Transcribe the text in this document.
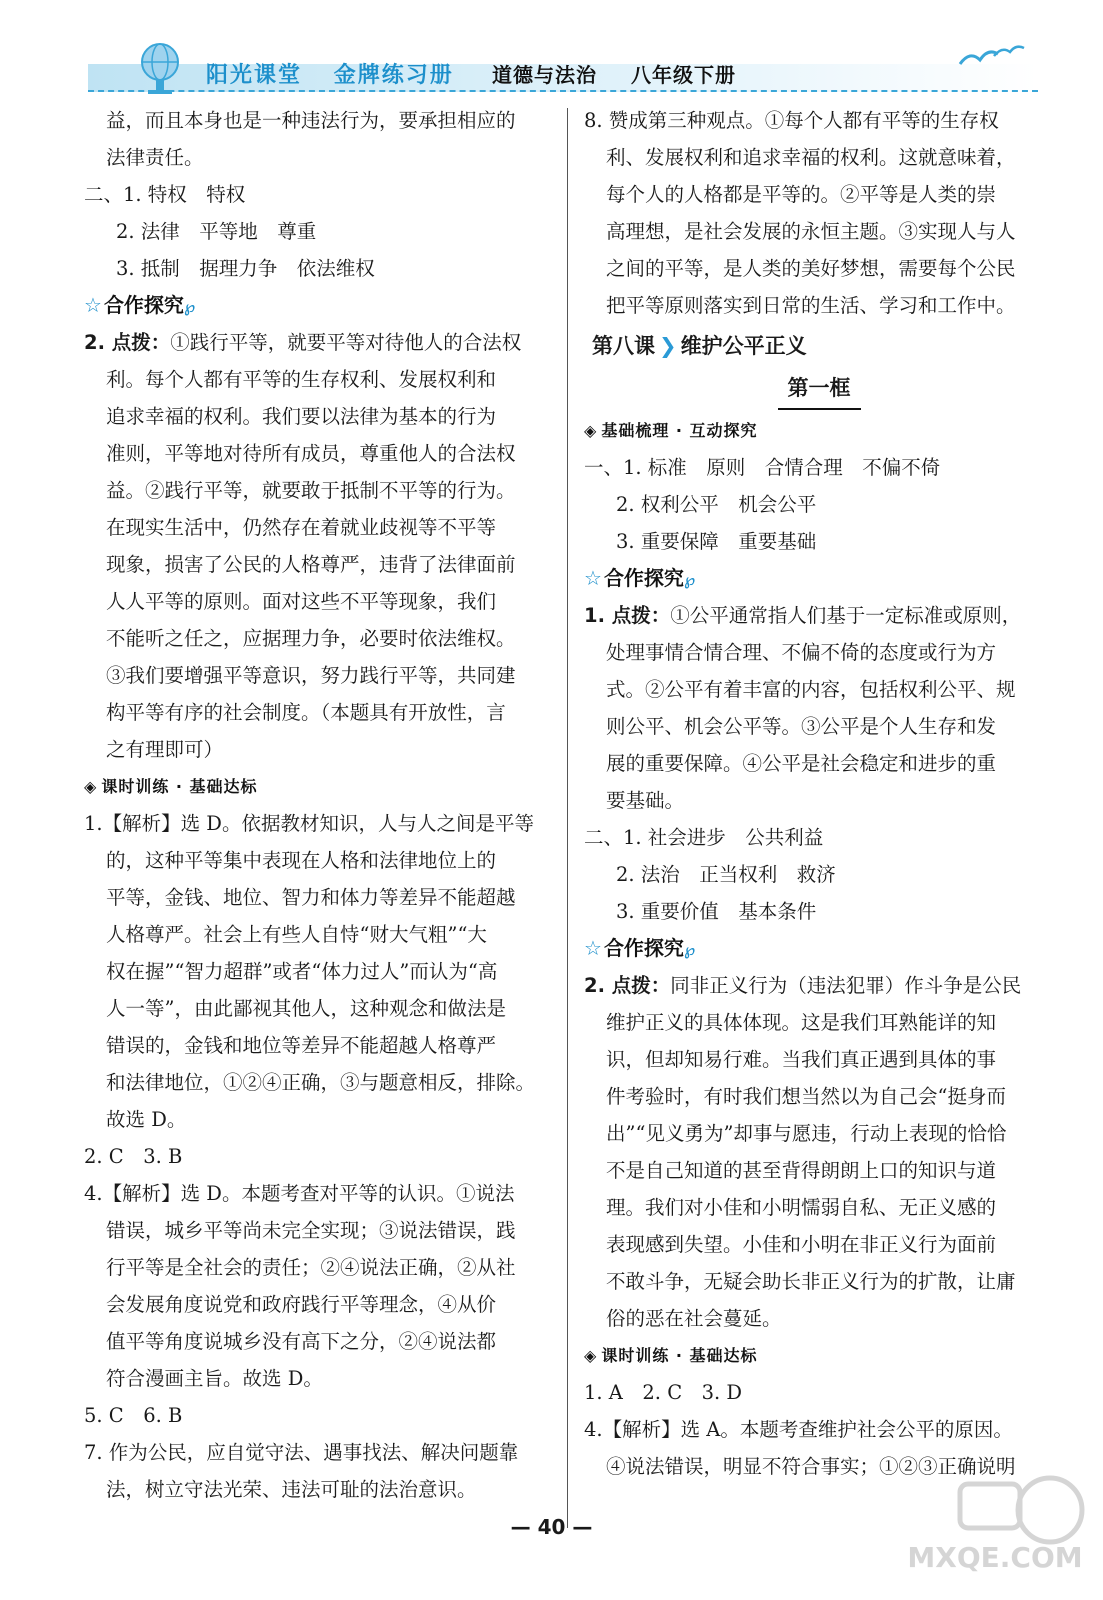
阳光课堂 金牌练习册	道德与法治 八年级下册
益，而且本身也是一种违法行为，要承担相应的
法律责任。
二、1. 特权　特权
2. 法律　平等地　尊重
3. 抵制　据理力争　依法维权
☆ 合作探究℘
2. 点拨：①践行平等，就要平等对待他人的合法权
利。每个人都有平等的生存权利、发展权利和
追求幸福的权利。我们要以法律为基本的行为
准则，平等地对待所有成员，尊重他人的合法权
益。②践行平等，就要敢于抵制不平等的行为。
在现实生活中，仍然存在着就业歧视等不平等
现象，损害了公民的人格尊严，违背了法律面前
人人平等的原则。面对这些不平等现象，我们
不能听之任之，应据理力争，必要时依法维权。
③我们要增强平等意识，努力践行平等，共同建
构平等有序的社会制度。（本题具有开放性，言
之有理即可）
◈ 课时训练 · 基础达标
1.【解析】选 D。依据教材知识，人与人之间是平等
的，这种平等集中表现在人格和法律地位上的
平等，金钱、地位、智力和体力等差异不能超越
人格尊严。社会上有些人自恃“财大气粗”“大
权在握”“智力超群”或者“体力过人”而认为“高
人一等”，由此鄙视其他人，这种观念和做法是
错误的，金钱和地位等差异不能超越人格尊严
和法律地位，①②④正确，③与题意相反，排除。
故选 D。
2. C　3. B
4.【解析】选 D。本题考查对平等的认识。①说法
错误，城乡平等尚未完全实现；③说法错误，践
行平等是全社会的责任；②④说法正确，②从社
会发展角度说党和政府践行平等理念，④从价
值平等角度说城乡没有高下之分，②④说法都
符合漫画主旨。故选 D。
5. C　6. B
7. 作为公民，应自觉守法、遇事找法、解决问题靠
法，树立守法光荣、违法可耻的法治意识。
8. 赞成第三种观点。①每个人都有平等的生存权
利、发展权利和追求幸福的权利。这就意味着，
每个人的人格都是平等的。②平等是人类的崇
高理想，是社会发展的永恒主题。③实现人与人
之间的平等，是人类的美好梦想，需要每个公民
把平等原则落实到日常的生活、学习和工作中。
第八课 ❯ 维护公平正义
第一框
◈ 基础梳理 · 互动探究
一、1. 标准　原则　合情合理　不偏不倚
2. 权利公平　机会公平
3. 重要保障　重要基础
☆ 合作探究℘
1. 点拨：①公平通常指人们基于一定标准或原则，
处理事情合情合理、不偏不倚的态度或行为方
式。②公平有着丰富的内容，包括权利公平、规
则公平、机会公平等。③公平是个人生存和发
展的重要保障。④公平是社会稳定和进步的重
要基础。
二、1. 社会进步　公共利益
2. 法治　正当权利　救济
3. 重要价值　基本条件
☆ 合作探究℘
2. 点拨：同非正义行为（违法犯罪）作斗争是公民
维护正义的具体体现。这是我们耳熟能详的知
识，但却知易行难。当我们真正遇到具体的事
件考验时，有时我们想当然以为自己会“挺身而
出”“见义勇为”却事与愿违，行动上表现的恰恰
不是自己知道的甚至背得朗朗上口的知识与道
理。我们对小佳和小明懦弱自私、无正义感的
表现感到失望。小佳和小明在非正义行为面前
不敢斗争，无疑会助长非正义行为的扩散，让庸
俗的恶在社会蔓延。
◈ 课时训练 · 基础达标
1. A　2. C　3. D
4.【解析】选 A。本题考查维护社会公平的原因。
④说法错误，明显不符合事实；①②③正确说明
— 40 —
MXQE.COM
